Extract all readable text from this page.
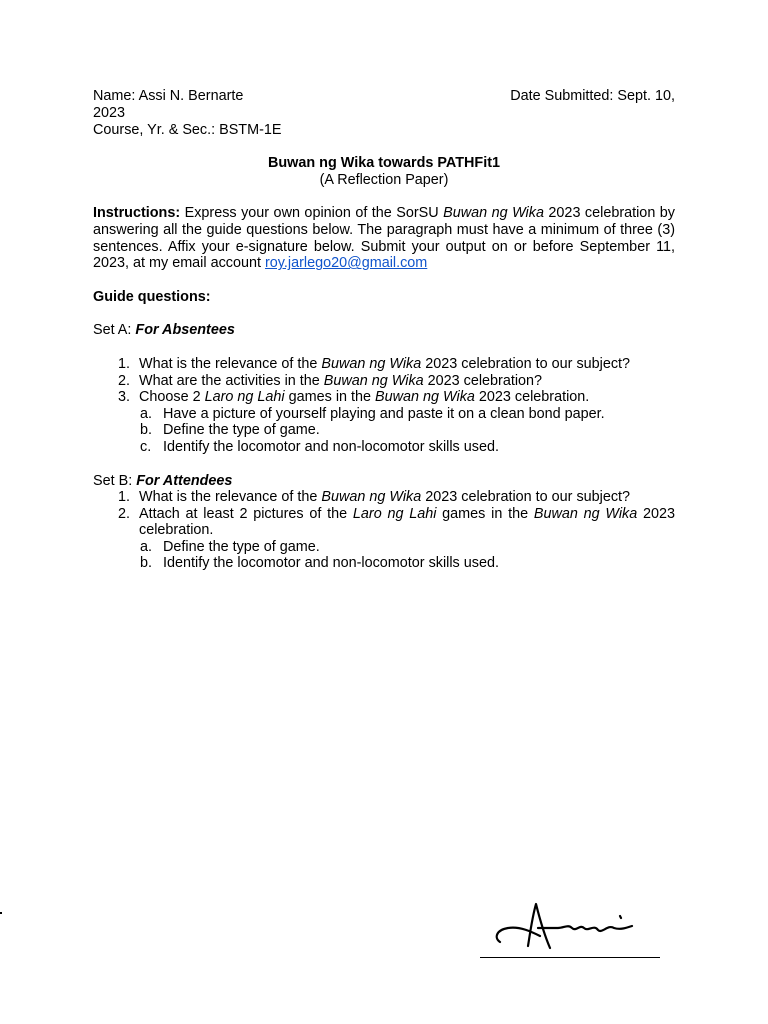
Name: Assi N. Bernarte	Date Submitted: Sept. 10,
2023
Course, Yr. & Sec.: BSTM-1E
Buwan ng Wika towards PATHFit1
(A Reflection Paper)
Instructions: Express your own opinion of the SorSU Buwan ng Wika 2023 celebration by answering all the guide questions below. The paragraph must have a minimum of three (3) sentences. Affix your e-signature below. Submit your output on or before September 11, 2023, at my email account roy.jarlego20@gmail.com
Guide questions:
Set A: For Absentees
1. What is the relevance of the Buwan ng Wika 2023 celebration to our subject?
2. What are the activities in the Buwan ng Wika 2023 celebration?
3. Choose 2 Laro ng Lahi games in the Buwan ng Wika 2023 celebration.
a. Have a picture of yourself playing and paste it on a clean bond paper.
b. Define the type of game.
c. Identify the locomotor and non-locomotor skills used.
Set B: For Attendees
1. What is the relevance of the Buwan ng Wika 2023 celebration to our subject?
2. Attach at least 2 pictures of the Laro ng Lahi games in the Buwan ng Wika 2023 celebration.
a. Define the type of game.
b. Identify the locomotor and non-locomotor skills used.
